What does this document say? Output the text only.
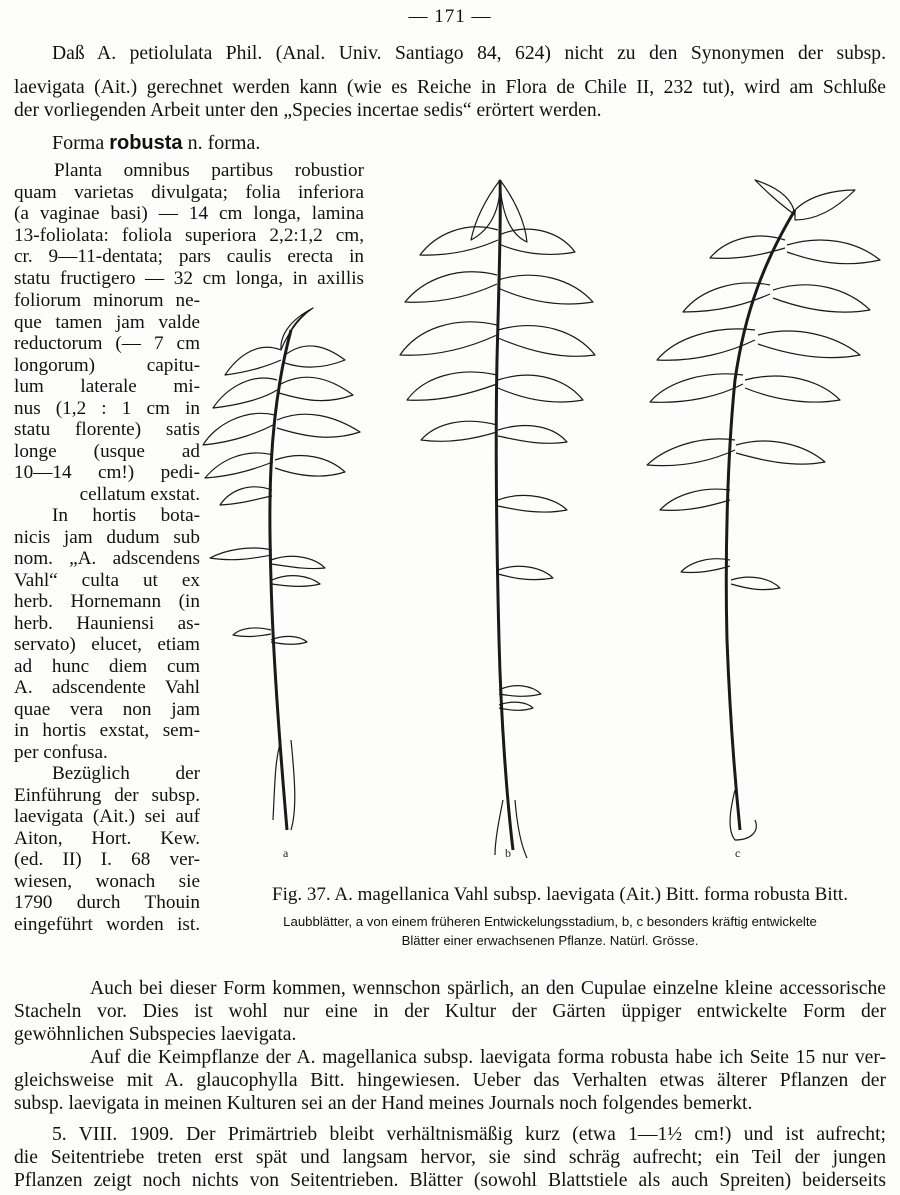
— 171 —
Daß A. petiolulata Phil. (Anal. Univ. Santiago 84, 624) nicht zu den Synonymen der subsp.
laevigata (Ait.) gerechnet werden kann (wie es Reiche in Flora de Chile II, 232 tut), wird am Schluße
der vorliegenden Arbeit unter den „Species incertae sedis“ erörtert werden.
Forma robusta n. forma.
Planta omnibus partibus robustior
quam varietas divulgata; folia inferiora
(a vaginae basi) — 14 cm longa, lamina
13-foliolata: foliola superiora 2,2:1,2 cm,
cr. 9—11-dentata; pars caulis erecta in
statu fructigero — 32 cm longa, in axillis
foliorum minorum ne-
que tamen jam valde
reductorum (— 7 cm
longorum) capitu-
lum laterale mi-
nus (1,2 : 1 cm in
statu florente) satis
longe (usque ad
10—14 cm!) pedi-
cellatum exstat.
In hortis bota-
nicis jam dudum sub
nom. „A. adscendens
Vahl“ culta ut ex
herb. Hornemann (in
herb. Hauniensi as-
servato) elucet, etiam
ad hunc diem cum
A. adscendente Vahl
quae vera non jam
in hortis exstat, sem-
per confusa.
Bezüglich der
Einführung der subsp.
laevigata (Ait.) sei auf
Aiton, Hort. Kew.
(ed. II) I. 68 ver-
wiesen, wonach sie
1790 durch Thouin
eingeführt worden ist.
a	b	c
Fig. 37. A. magellanica Vahl subsp. laevigata (Ait.) Bitt. forma robusta Bitt.
Laubblätter, a von einem früheren Entwickelungsstadium, b, c besonders kräftig entwickelte
Blätter einer erwachsenen Pflanze. Natürl. Grösse.
Auch bei dieser Form kommen, wennschon spärlich, an den Cupulae einzelne kleine accessorische
Stacheln vor. Dies ist wohl nur eine in der Kultur der Gärten üppiger entwickelte Form der
gewöhnlichen Subspecies laevigata.
Auf die Keimpflanze der A. magellanica subsp. laevigata forma robusta habe ich Seite 15 nur ver-
gleichsweise mit A. glaucophylla Bitt. hingewiesen. Ueber das Verhalten etwas älterer Pflanzen der
subsp. laevigata in meinen Kulturen sei an der Hand meines Journals noch folgendes bemerkt.
5. VIII. 1909. Der Primärtrieb bleibt verhältnismäßig kurz (etwa 1—1½ cm!) und ist aufrecht;
die Seitentriebe treten erst spät und langsam hervor, sie sind schräg aufrecht; ein Teil der jungen
Pflanzen zeigt noch nichts von Seitentrieben. Blätter (sowohl Blattstiele als auch Spreiten) beiderseits
